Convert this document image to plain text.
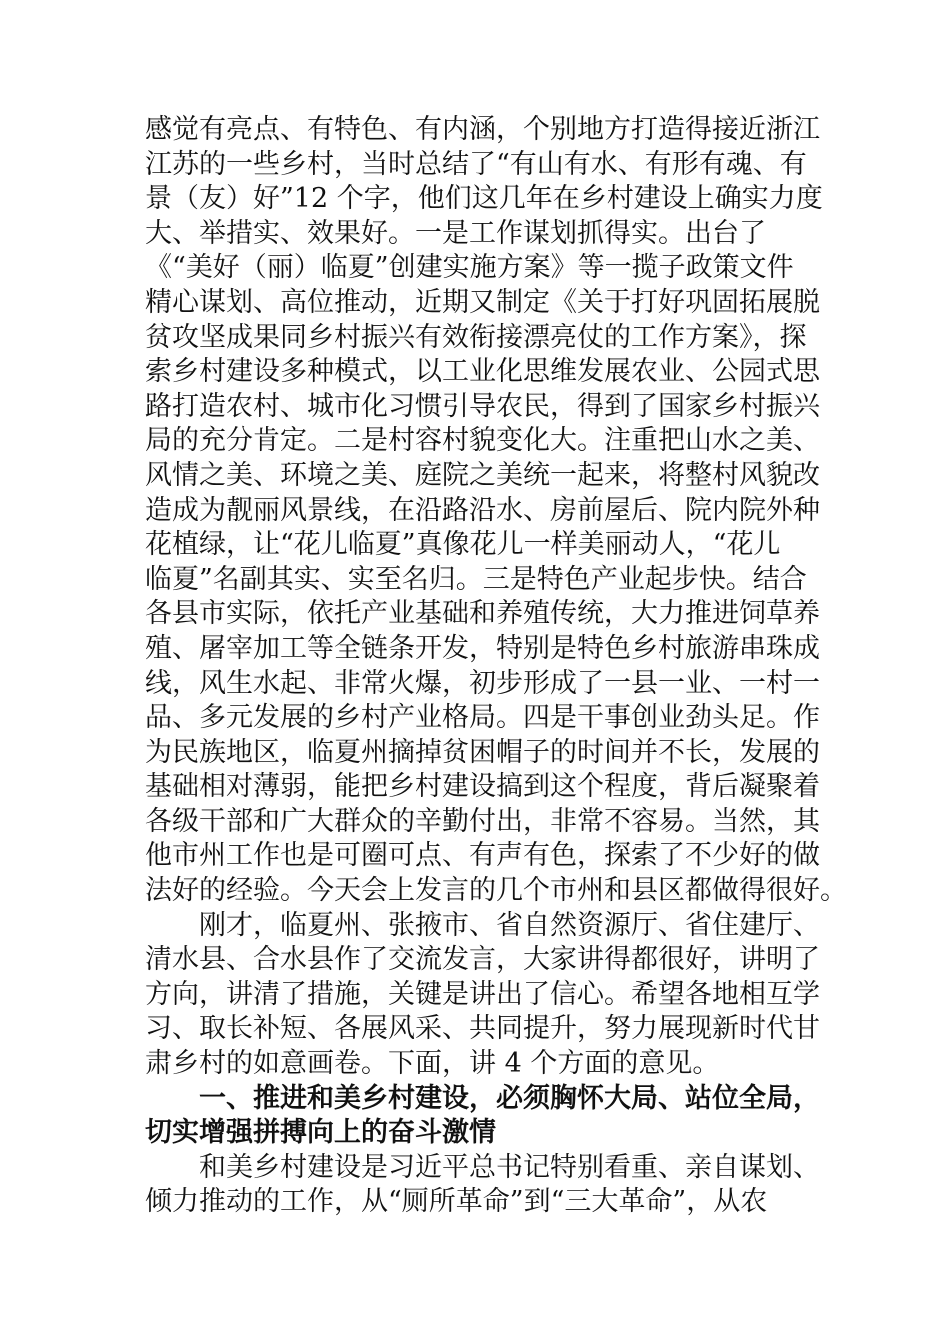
感觉有亮点、有特色、有内涵，个别地方打造得接近浙江
江苏的一些乡村，当时总结了“有山有水、有形有魂、有
景（友）好”12 个字，他们这几年在乡村建设上确实力度
大、举措实、效果好。一是工作谋划抓得实。出台了
《“美好（丽）临夏”创建实施方案》等一揽子政策文件
精心谋划、高位推动，近期又制定《关于打好巩固拓展脱
贫攻坚成果同乡村振兴有效衔接漂亮仗的工作方案》，探
索乡村建设多种模式，以工业化思维发展农业、公园式思
路打造农村、城市化习惯引导农民，得到了国家乡村振兴
局的充分肯定。二是村容村貌变化大。注重把山水之美、
风情之美、环境之美、庭院之美统一起来，将整村风貌改
造成为靓丽风景线，在沿路沿水、房前屋后、院内院外种
花植绿，让“花儿临夏”真像花儿一样美丽动人，“花儿
临夏”名副其实、实至名归。三是特色产业起步快。结合
各县市实际，依托产业基础和养殖传统，大力推进饲草养
殖、屠宰加工等全链条开发，特别是特色乡村旅游串珠成
线，风生水起、非常火爆，初步形成了一县一业、一村一
品、多元发展的乡村产业格局。四是干事创业劲头足。作
为民族地区，临夏州摘掉贫困帽子的时间并不长，发展的
基础相对薄弱，能把乡村建设搞到这个程度，背后凝聚着
各级干部和广大群众的辛勤付出，非常不容易。当然，其
他市州工作也是可圈可点、有声有色，探索了不少好的做
法好的经验。今天会上发言的几个市州和县区都做得很好。
刚才，临夏州、张掖市、省自然资源厅、省住建厅、
清水县、合水县作了交流发言，大家讲得都很好，讲明了
方向，讲清了措施，关键是讲出了信心。希望各地相互学
习、取长补短、各展风采、共同提升，努力展现新时代甘
肃乡村的如意画卷。下面，讲 4 个方面的意见。
一、推进和美乡村建设，必须胸怀大局、站位全局，
切实增强拼搏向上的奋斗激情
和美乡村建设是习近平总书记特别看重、亲自谋划、
倾力推动的工作，从“厕所革命”到“三大革命”，从农
